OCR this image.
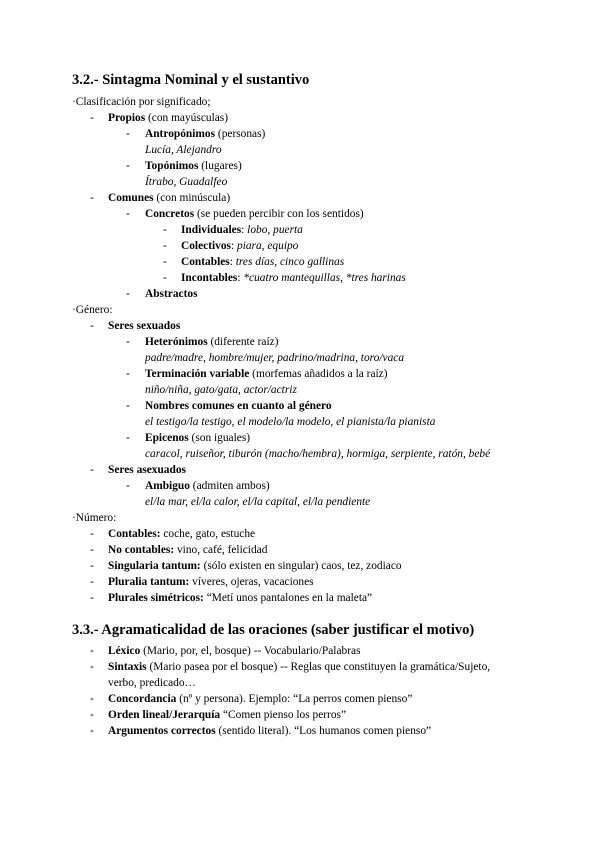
3.2.- Sintagma Nominal y el sustantivo
·Clasificación por significado;
- Propios (con mayúsculas)
- Antropónimos (personas)
Lucía, Alejandro
- Topónimos (lugares)
Ítrabo, Guadalfeo
- Comunes (con minúscula)
- Concretos (se pueden percibir con los sentidos)
- Individuales: lobo, puerta
- Colectivos: piara, equipo
- Contables: tres días, cinco gallinas
- Incontables: *cuatro mantequillas, *tres harinas
- Abstractos
·Género:
- Seres sexuados
- Heterónimos (diferente raíz)
padre/madre, hombre/mujer, padrino/madrina, toro/vaca
- Terminación variable (morfemas añadidos a la raíz)
niño/niña, gato/gata, actor/actriz
- Nombres comunes en cuanto al género
el testigo/la testigo, el modelo/la modelo, el pianista/la pianista
- Epicenos (son iguales)
caracol, ruiseñor, tiburón (macho/hembra), hormiga, serpiente, ratón, bebé
- Seres asexuados
- Ambiguo (admiten ambos)
el/la mar, el/la calor, el/la capital, el/la pendiente
·Número:
- Contables: coche, gato, estuche
- No contables: vino, café, felicidad
- Singularia tantum: (sólo existen en singular) caos, tez, zodiaco
- Pluralia tantum: víveres, ojeras, vacaciones
- Plurales simétricos: “Metí unos pantalones en la maleta”
3.3.- Agramaticalidad de las oraciones (saber justificar el motivo)
- Léxico (Mario, por, el, bosque) -- Vocabulario/Palabras
- Sintaxis (Mario pasea por el bosque) -- Reglas que constituyen la gramática/Sujeto,
verbo, predicado…
- Concordancia (nº y persona). Ejemplo: “La perros comen pienso”
- Orden lineal/Jerarquía “Comen pienso los perros”
- Argumentos correctos (sentido literal). “Los humanos comen pienso”
